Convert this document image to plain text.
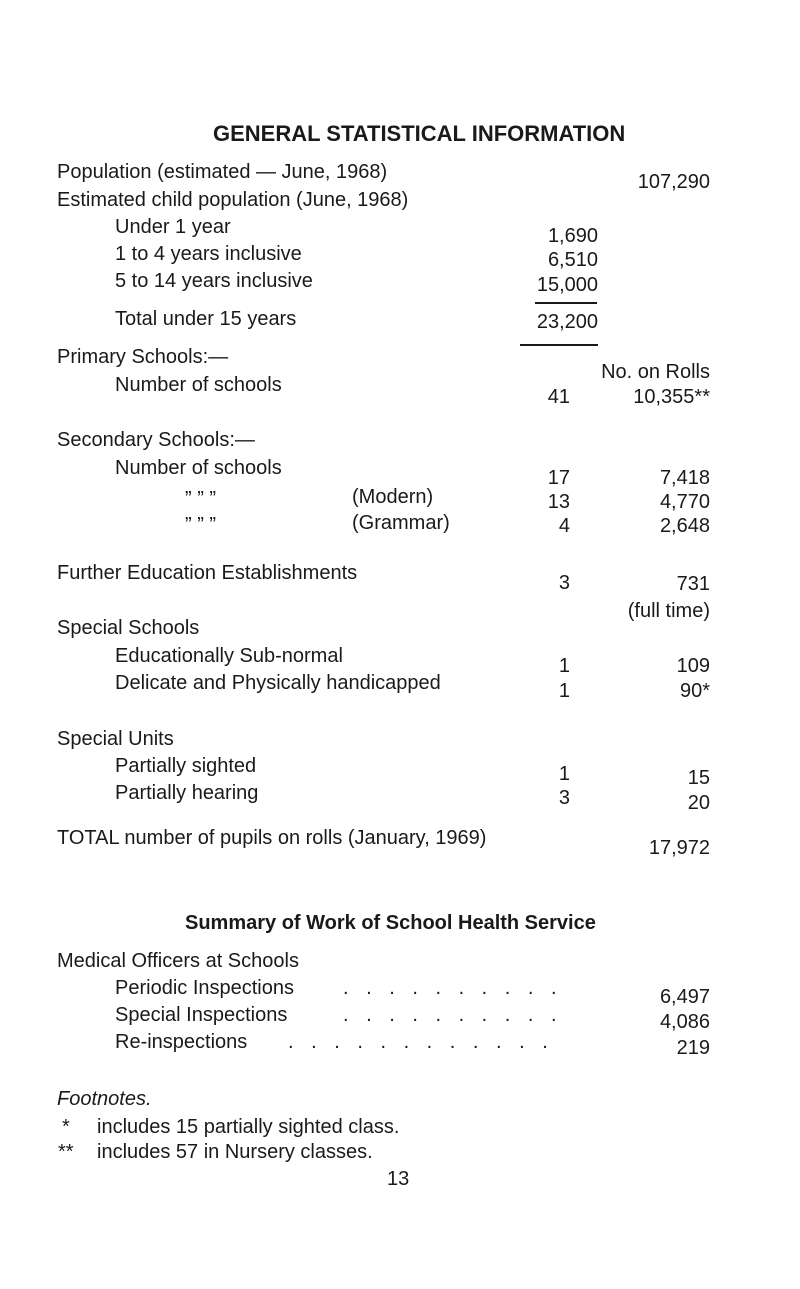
GENERAL STATISTICAL INFORMATION
Population (estimated — June, 1968)	107,290
Estimated child population (June, 1968)
Under 1 year	1,690
1 to 4 years inclusive	6,510
5 to 14 years inclusive	15,000
Total under 15 years	23,200
Primary Schools:—
No. on Rolls
Number of schools
41	10,355**
Secondary Schools:—
Number of schools	17	7,418
” ” ”	(Modern)	13	4,770
” ” ”	(Grammar)	4	2,648
Further Education Establishments	3	731
(full time)
Special Schools
Educationally Sub-normal	1	109
Delicate and Physically handicapped	1	90*
Special Units
Partially sighted	1	15
Partially hearing	3	20
TOTAL number of pupils on rolls (January, 1969)	17,972
Summary of Work of School Health Service
Medical Officers at Schools
Periodic Inspections . . . . . . . . . .	6,497
Special Inspections	. . . . . . . . . .	4,086
Re-inspections . . . . . . . . . . . .	219
Footnotes.
*	includes 15 partially sighted class.
**	includes 57 in Nursery classes.
13
